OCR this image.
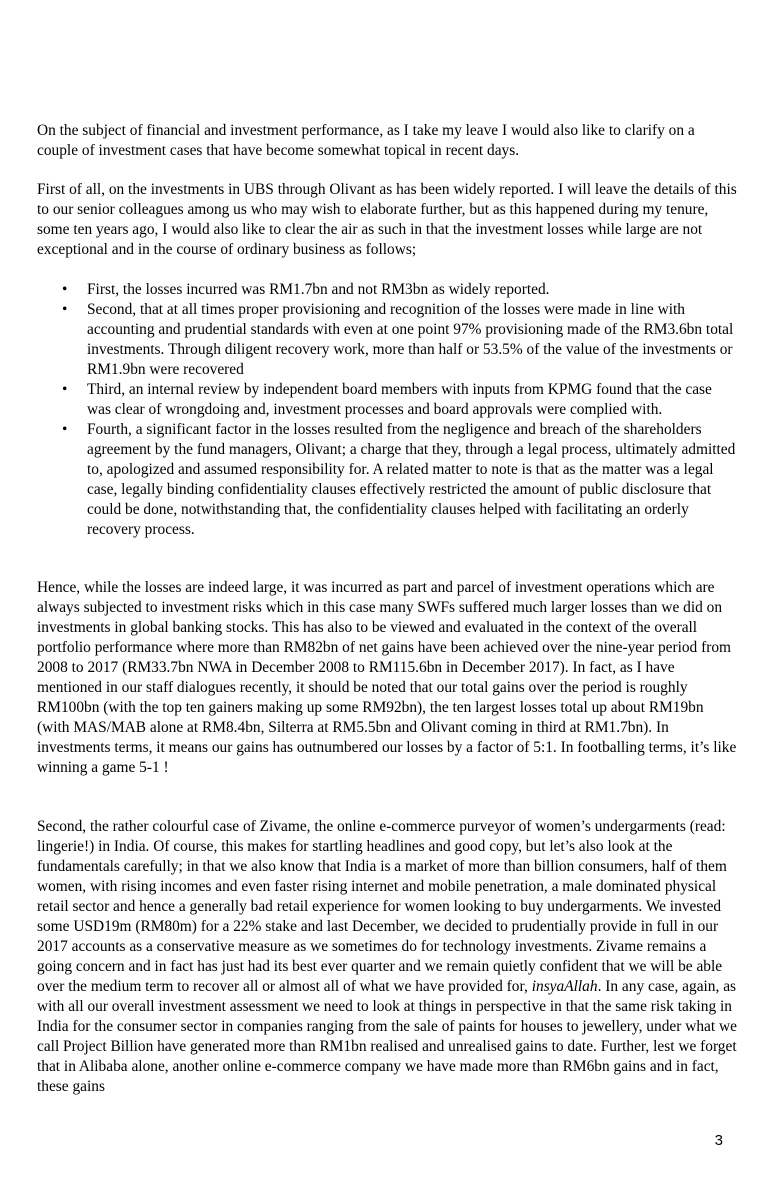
On the subject of financial and investment performance, as I take my leave I would also like to clarify on a couple of investment cases that have become somewhat topical in recent days.

First of all, on the investments in UBS through Olivant as has been widely reported. I will leave the details of this to our senior colleagues among us who may wish to elaborate further, but as this happened during my tenure, some ten years ago, I would also like to clear the air as such in that the investment losses while large are not exceptional and in the course of ordinary business as follows;

• First, the losses incurred was RM1.7bn and not RM3bn as widely reported.
• Second, that at all times proper provisioning and recognition of the losses were made in line with accounting and prudential standards with even at one point 97% provisioning made of the RM3.6bn total investments. Through diligent recovery work, more than half or 53.5% of the value of the investments or RM1.9bn were recovered
• Third, an internal review by independent board members with inputs from KPMG found that the case was clear of wrongdoing and, investment processes and board approvals were complied with.
• Fourth, a significant factor in the losses resulted from the negligence and breach of the shareholders agreement by the fund managers, Olivant; a charge that they, through a legal process, ultimately admitted to, apologized and assumed responsibility for. A related matter to note is that as the matter was a legal case, legally binding confidentiality clauses effectively restricted the amount of public disclosure that could be done, notwithstanding that, the confidentiality clauses helped with facilitating an orderly recovery process.

Hence, while the losses are indeed large, it was incurred as part and parcel of investment operations which are always subjected to investment risks which in this case many SWFs suffered much larger losses than we did on investments in global banking stocks. This has also to be viewed and evaluated in the context of the overall portfolio performance where more than RM82bn of net gains have been achieved over the nine-year period from 2008 to 2017 (RM33.7bn NWA in December 2008 to RM115.6bn in December 2017). In fact, as I have mentioned in our staff dialogues recently, it should be noted that our total gains over the period is roughly RM100bn (with the top ten gainers making up some RM92bn), the ten largest losses total up about RM19bn (with MAS/MAB alone at RM8.4bn, Silterra at RM5.5bn and Olivant coming in third at RM1.7bn). In investments terms, it means our gains has outnumbered our losses by a factor of 5:1. In footballing terms, it’s like winning a game 5-1 !

Second, the rather colourful case of Zivame, the online e-commerce purveyor of women’s undergarments (read: lingerie!) in India. Of course, this makes for startling headlines and good copy, but let’s also look at the fundamentals carefully; in that we also know that India is a market of more than billion consumers, half of them women, with rising incomes and even faster rising internet and mobile penetration, a male dominated physical retail sector and hence a generally bad retail experience for women looking to buy undergarments. We invested some USD19m (RM80m) for a 22% stake and last December, we decided to prudentially provide in full in our 2017 accounts as a conservative measure as we sometimes do for technology investments. Zivame remains a going concern and in fact has just had its best ever quarter and we remain quietly confident that we will be able over the medium term to recover all or almost all of what we have provided for, insyaAllah. In any case, again, as with all our overall investment assessment we need to look at things in perspective in that the same risk taking in India for the consumer sector in companies ranging from the sale of paints for houses to jewellery, under what we call Project Billion have generated more than RM1bn realised and unrealised gains to date. Further, lest we forget that in Alibaba alone, another online e-commerce company we have made more than RM6bn gains and in fact, these gains

3
